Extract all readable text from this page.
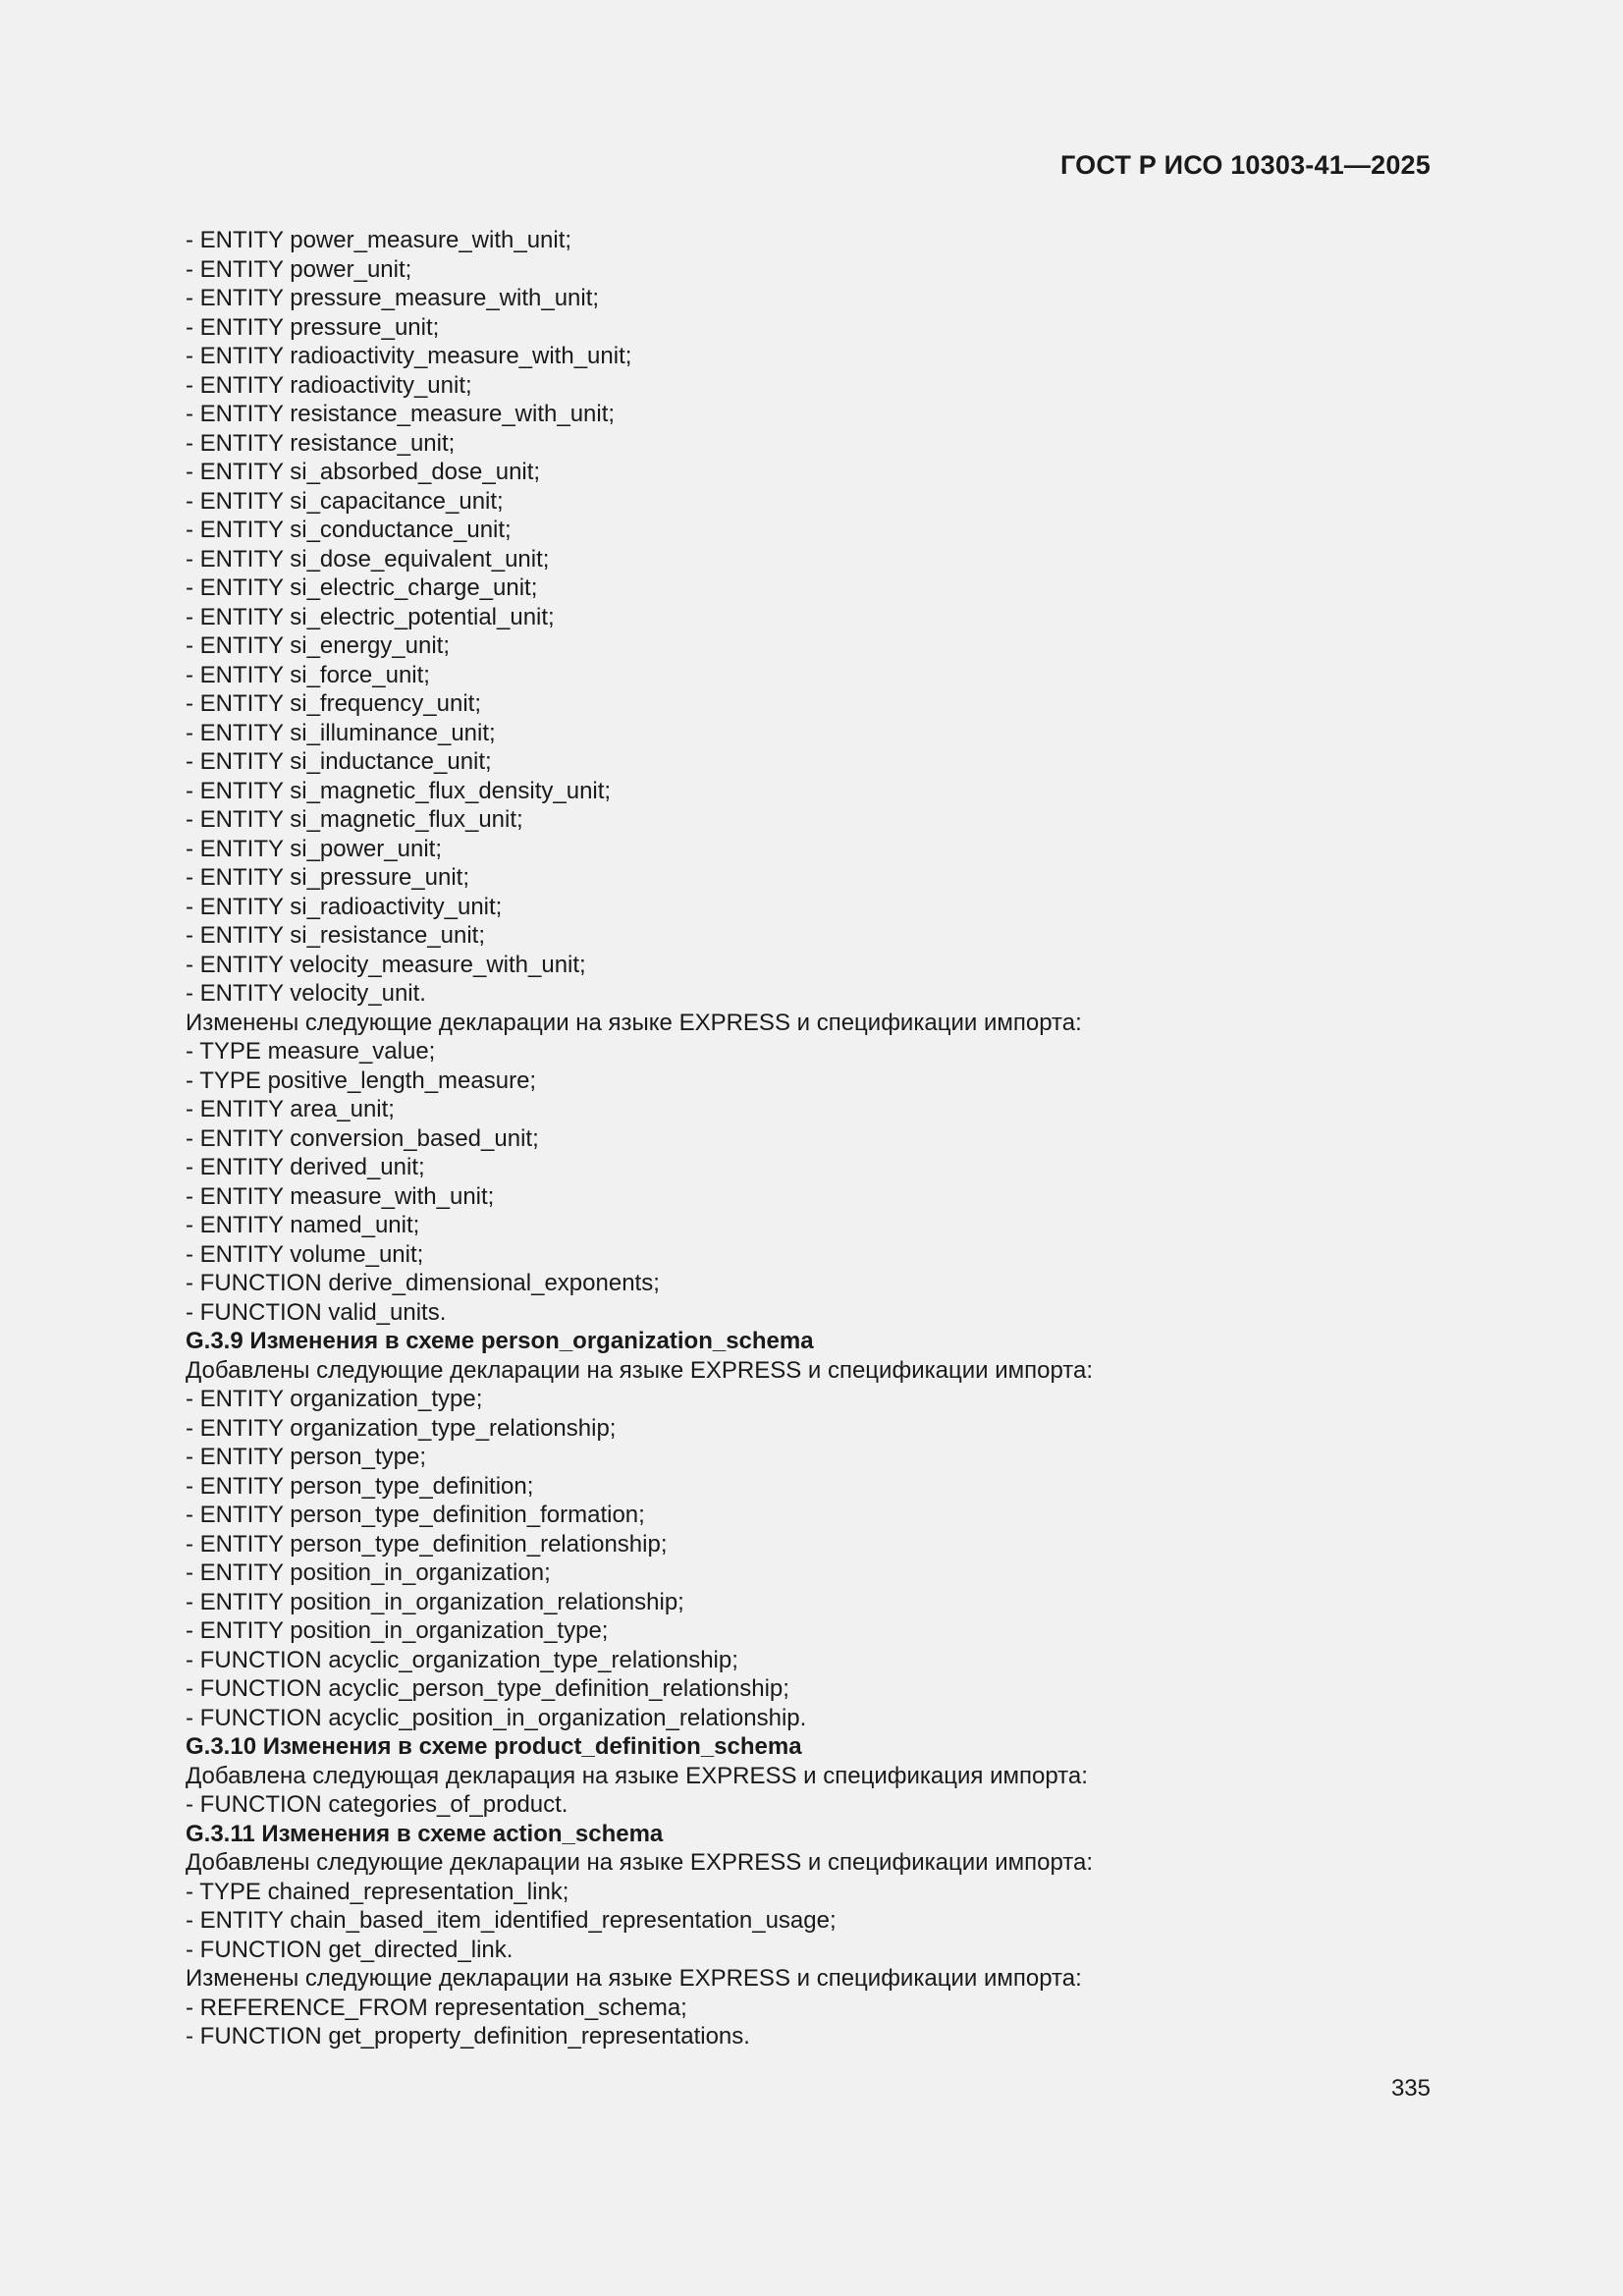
ГОСТ Р ИСО 10303-41—2025
- ENTITY power_measure_with_unit;
- ENTITY power_unit;
- ENTITY pressure_measure_with_unit;
- ENTITY pressure_unit;
- ENTITY radioactivity_measure_with_unit;
- ENTITY radioactivity_unit;
- ENTITY resistance_measure_with_unit;
- ENTITY resistance_unit;
- ENTITY si_absorbed_dose_unit;
- ENTITY si_capacitance_unit;
- ENTITY si_conductance_unit;
- ENTITY si_dose_equivalent_unit;
- ENTITY si_electric_charge_unit;
- ENTITY si_electric_potential_unit;
- ENTITY si_energy_unit;
- ENTITY si_force_unit;
- ENTITY si_frequency_unit;
- ENTITY si_illuminance_unit;
- ENTITY si_inductance_unit;
- ENTITY si_magnetic_flux_density_unit;
- ENTITY si_magnetic_flux_unit;
- ENTITY si_power_unit;
- ENTITY si_pressure_unit;
- ENTITY si_radioactivity_unit;
- ENTITY si_resistance_unit;
- ENTITY velocity_measure_with_unit;
- ENTITY velocity_unit.
Изменены следующие декларации на языке EXPRESS и спецификации импорта:
- TYPE measure_value;
- TYPE positive_length_measure;
- ENTITY area_unit;
- ENTITY conversion_based_unit;
- ENTITY derived_unit;
- ENTITY measure_with_unit;
- ENTITY named_unit;
- ENTITY volume_unit;
- FUNCTION derive_dimensional_exponents;
- FUNCTION valid_units.
G.3.9 Изменения в схеме person_organization_schema
Добавлены следующие декларации на языке EXPRESS и спецификации импорта:
- ENTITY organization_type;
- ENTITY organization_type_relationship;
- ENTITY person_type;
- ENTITY person_type_definition;
- ENTITY person_type_definition_formation;
- ENTITY person_type_definition_relationship;
- ENTITY position_in_organization;
- ENTITY position_in_organization_relationship;
- ENTITY position_in_organization_type;
- FUNCTION acyclic_organization_type_relationship;
- FUNCTION acyclic_person_type_definition_relationship;
- FUNCTION acyclic_position_in_organization_relationship.
G.3.10 Изменения в схеме product_definition_schema
Добавлена следующая декларация на языке EXPRESS и спецификация импорта:
- FUNCTION categories_of_product.
G.3.11 Изменения в схеме action_schema
Добавлены следующие декларации на языке EXPRESS и спецификации импорта:
- TYPE chained_representation_link;
- ENTITY chain_based_item_identified_representation_usage;
- FUNCTION get_directed_link.
Изменены следующие декларации на языке EXPRESS и спецификации импорта:
- REFERENCE_FROM representation_schema;
- FUNCTION get_property_definition_representations.
335
